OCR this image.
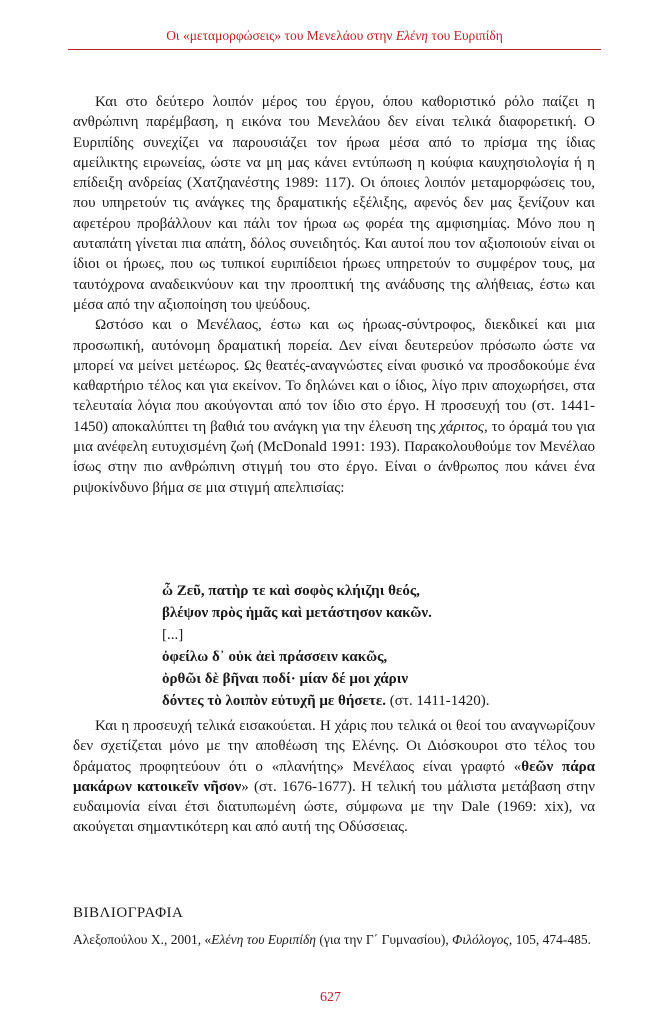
Οι «μεταμορφώσεις» του Μενελάου στην Ελένη του Ευριπίδη

Και στο δεύτερο λοιπόν μέρος του έργου, όπου καθοριστικό ρόλο παίζει η ανθρώπινη παρέμβαση, η εικόνα του Μενελάου δεν είναι τελικά διαφορετική. Ο Ευριπίδης συνεχίζει να παρουσιάζει τον ήρωα μέσα από το πρίσμα της ίδιας αμείλικτης ειρωνείας, ώστε να μη μας κάνει εντύπωση η κούφια καυχησιολογία ή η επίδειξη ανδρείας (Χατζηανέστης 1989: 117). Οι όποιες λοιπόν μεταμορφώσεις του, που υπηρετούν τις ανάγκες της δραματικής εξέλιξης, αφενός δεν μας ξενίζουν και αφετέρου προβάλλουν και πάλι τον ήρωα ως φορέα της αμφισημίας. Μόνο που η αυταπάτη γίνεται πια απάτη, δόλος συνειδητός. Και αυτοί που τον αξιοποιούν είναι οι ίδιοι οι ήρωες, που ως τυπικοί ευριπίδειοι ήρωες υπηρετούν το συμφέρον τους, μα ταυτόχρονα αναδεικνύουν και την προοπτική της ανάδυσης της αλήθειας, έστω και μέσα από την αξιοποίηση του ψεύδους.

Ωστόσο και ο Μενέλαος, έστω και ως ήρωας-σύντροφος, διεκδικεί και μια προσωπική, αυτόνομη δραματική πορεία. Δεν είναι δευτερεύον πρόσωπο ώστε να μπορεί να μείνει μετέωρος. Ως θεατές-αναγνώστες είναι φυσικό να προσδοκούμε ένα καθαρτήριο τέλος και για εκείνον. Το δηλώνει και ο ίδιος, λίγο πριν αποχωρήσει, στα τελευταία λόγια που ακούγονται από τον ίδιο στο έργο. Η προσευχή του (στ. 1441-1450) αποκαλύπτει τη βαθιά του ανάγκη για την έλευση της χάριτος, το όραμά του για μια ανέφελη ευτυχισμένη ζωή (McDonald 1991: 193). Παρακολουθούμε τον Μενέλαο ίσως στην πιο ανθρώπινη στιγμή του στο έργο. Είναι ο άνθρωπος που κάνει ένα ριψοκίνδυνο βήμα σε μια στιγμή απελπισίας:

ὦ Ζεῦ, πατὴρ τε καὶ σοφὸς κλήιζηι θεός,
βλέψον πρὸς ἡμᾶς καὶ μετάστησον κακῶν.
[...]
ὀφείλω δ᾽ οὐκ ἀεὶ πράσσειν κακῶς,
ὀρθῶι δὲ βῆναι ποδί· μίαν δέ μοι χάριν
δόντες τὸ λοιπὸν εὐτυχῆ με θήσετε. (στ. 1411-1420).

Και η προσευχή τελικά εισακούεται. Η χάρις που τελικά οι θεοί του αναγνωρίζουν δεν σχετίζεται μόνο με την αποθέωση της Ελένης. Οι Διόσκουροι στο τέλος του δράματος προφητεύουν ότι ο «πλανήτης» Μενέλαος είναι γραφτό «θεῶν πάρα μακάρων κατοικεῖν νῆσον» (στ. 1676-1677). Η τελική του μάλιστα μετάβαση στην ευδαιμονία είναι έτσι διατυπωμένη ώστε, σύμφωνα με την Dale (1969: xix), να ακούγεται σημαντικότερη και από αυτή της Οδύσσειας.

ΒΙΒΛΙΟΓΡΑΦΙΑ
Αλεξοπούλου Χ., 2001, «Ελένη του Ευριπίδη (για την Γ΄ Γυμνασίου), Φιλόλογος, 105, 474-485.
627
